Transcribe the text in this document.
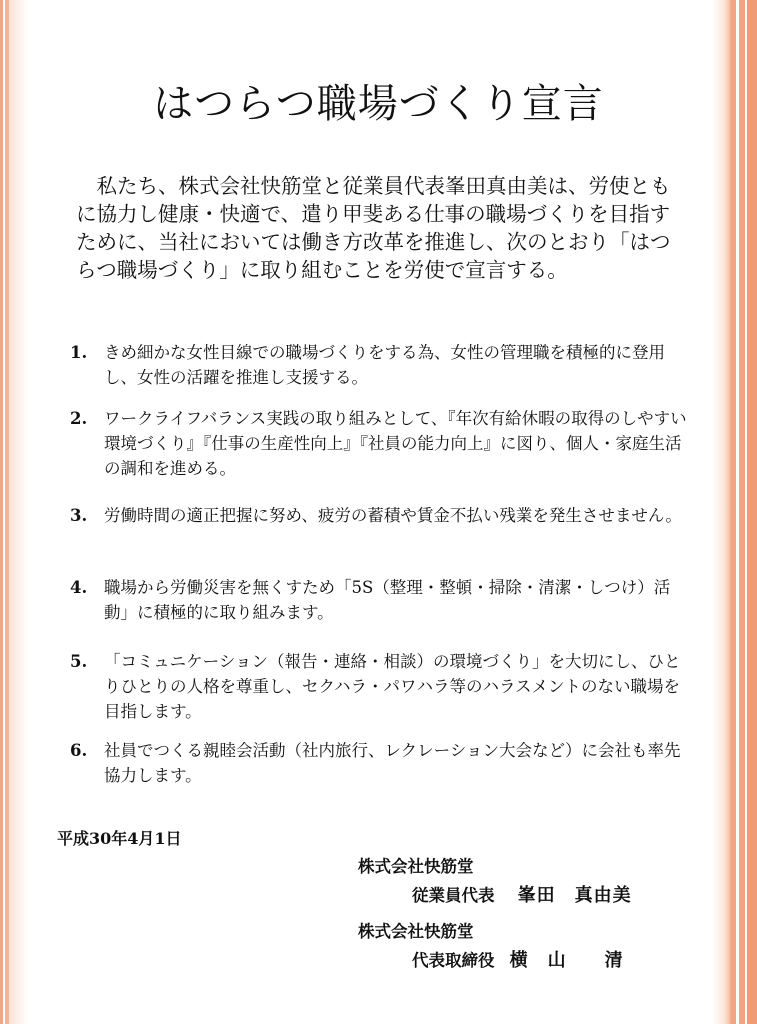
はつらつ職場づくり宣言

私たち、株式会社快筋堂と従業員代表峯田真由美は、労使ともに協力し健康・快適で、遣り甲斐ある仕事の職場づくりを目指すために、当社においては働き方改革を推進し、次のとおり「はつらつ職場づくり」に取り組むことを労使で宣言する。

1.	きめ細かな女性目線での職場づくりをする為、女性の管理職を積極的に登用し、女性の活躍を推進し支援する。
2.	ワークライフバランス実践の取り組みとして、『年次有給休暇の取得のしやすい環境づくり』『仕事の生産性向上』『社員の能力向上』に図り、個人・家庭生活の調和を進める。
3.	労働時間の適正把握に努め、疲労の蓄積や賃金不払い残業を発生させません。
4.	職場から労働災害を無くすため「5S（整理・整頓・掃除・清潔・しつけ）活動」に積極的に取り組みます。
5.	「コミュニケーション（報告・連絡・相談）の環境づくり」を大切にし、ひとりひとりの人格を尊重し、セクハラ・パワハラ等のハラスメントのない職場を目指します。
6.	社員でつくる親睦会活動（社内旅行、レクレーション大会など）に会社も率先協力します。
平成30年4月1日
株式会社快筋堂
従業員代表 峯田　真由美
株式会社快筋堂
代表取締役 横　山　　清
